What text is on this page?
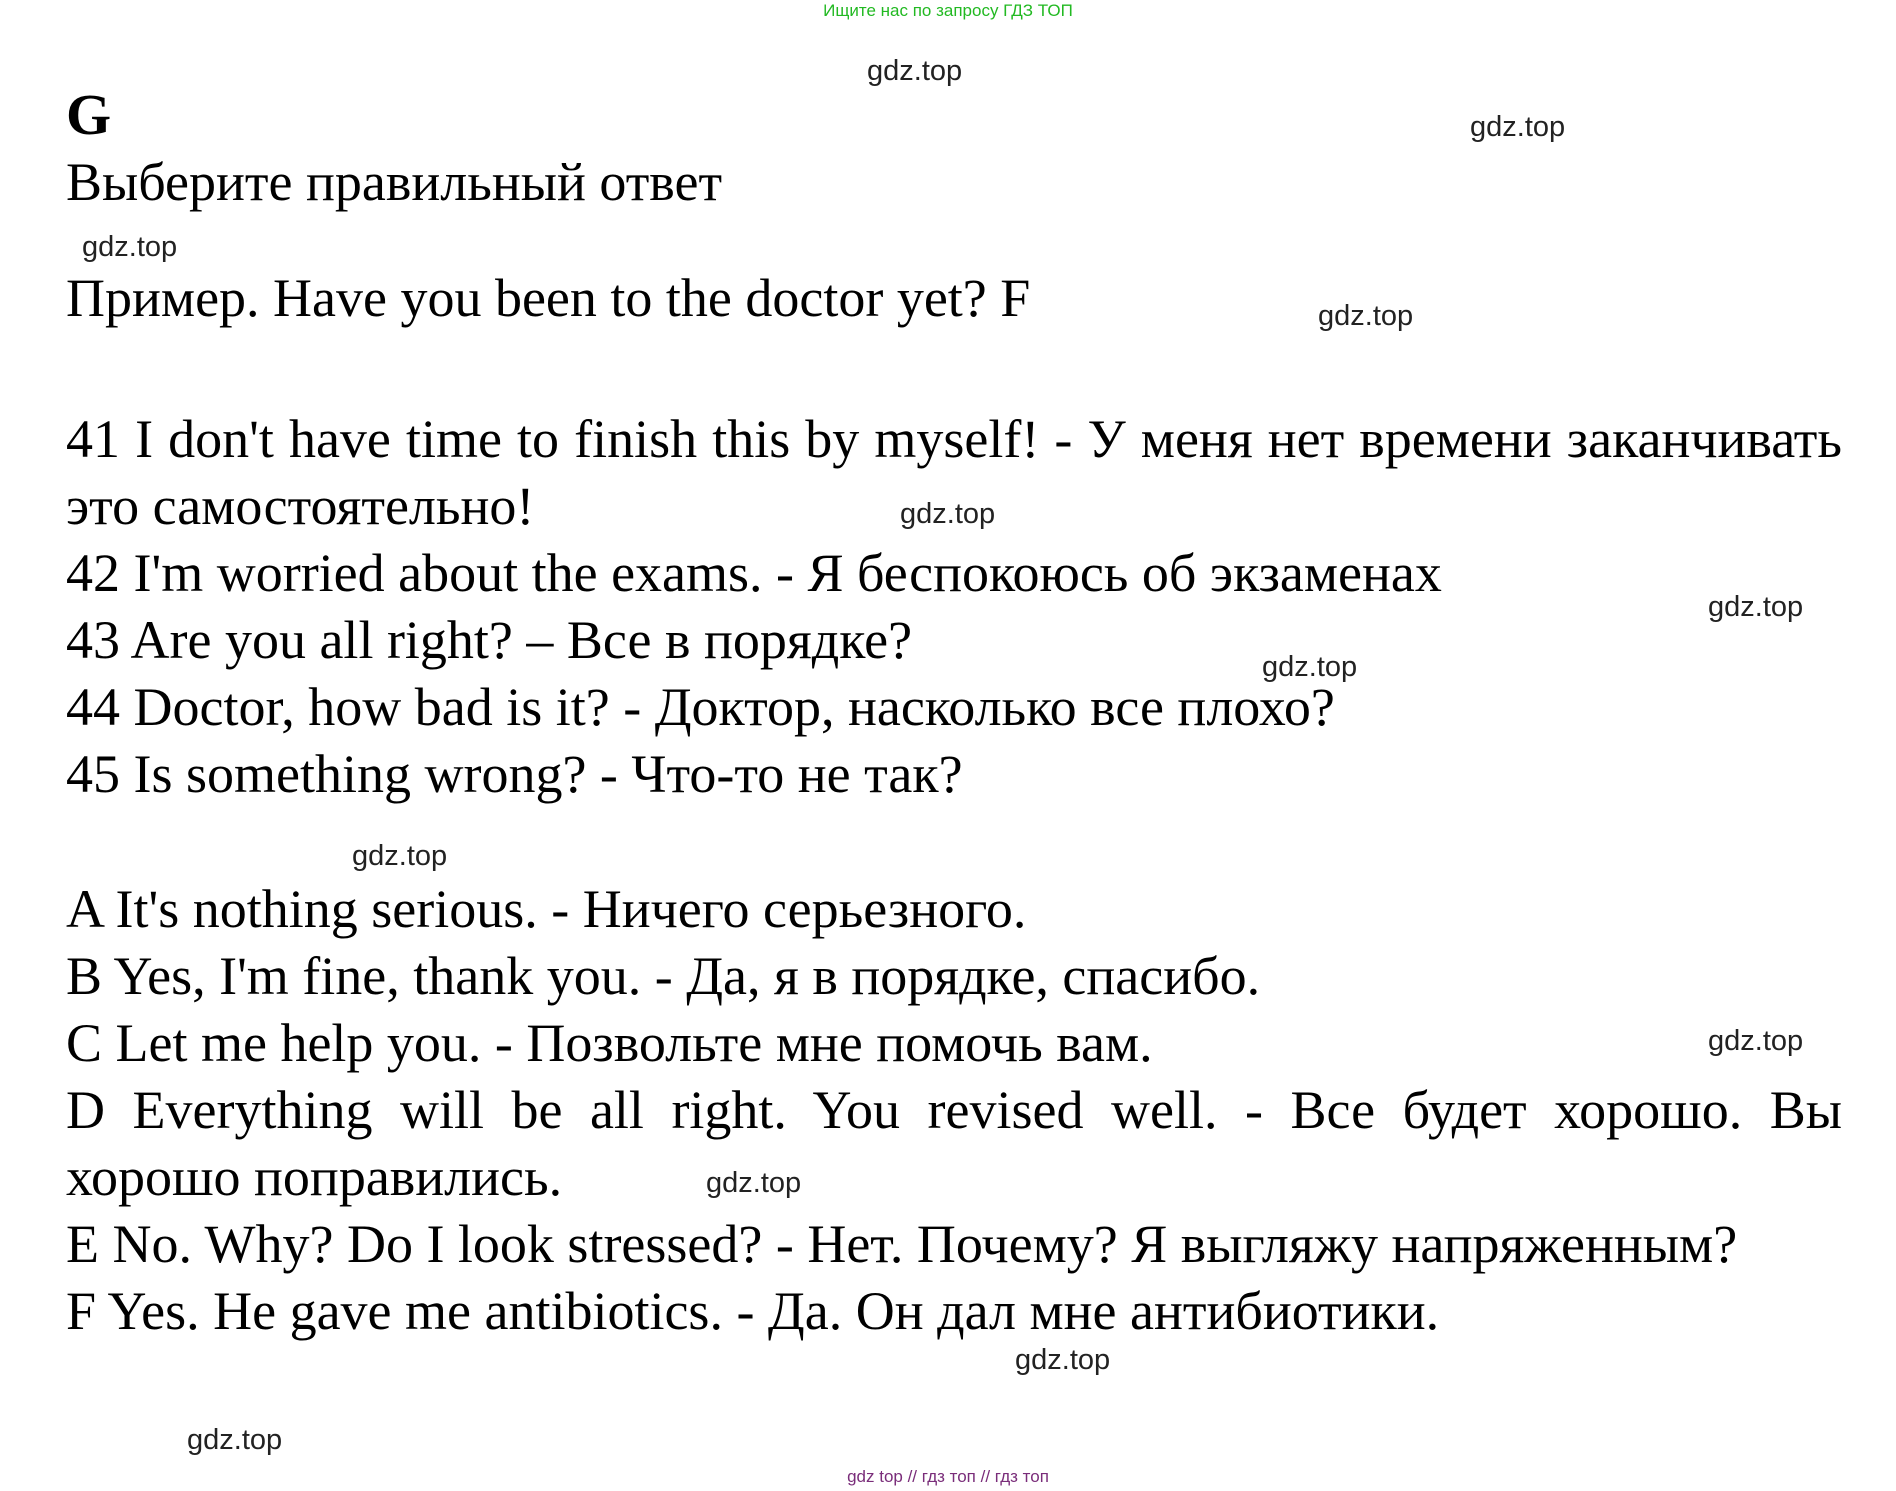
Ищите нас по запросу ГДЗ ТОП

G

Выберите правильный ответ

Пример. Have you been to the doctor yet? F

41 I don't have time to finish this by myself! - У меня нет времени заканчивать это самостоятельно!

42 I'm worried about the exams. - Я беспокоюсь об экзаменах

43 Are you all right? – Все в порядке?

44 Doctor, how bad is it? - Доктор, насколько все плохо?

45 Is something wrong? - Что-то не так?

A It's nothing serious. - Ничего серьезного.

B Yes, I'm fine, thank you. - Да, я в порядке, спасибо.

C Let me help you. - Позвольте мне помочь вам.

D Everything will be all right. You revised well. - Все будет хорошо. Вы хорошо поправились.

E No. Why? Do I look stressed? - Нет. Почему? Я выгляжу напряженным?

F Yes. He gave me antibiotics. - Да. Он дал мне антибиотики.

gdz.top
gdz.top
gdz.top
gdz.top
gdz.top
gdz.top
gdz.top
gdz.top
gdz.top
gdz.top
gdz.top
gdz.top
gdz top // гдз топ // гдз топ
